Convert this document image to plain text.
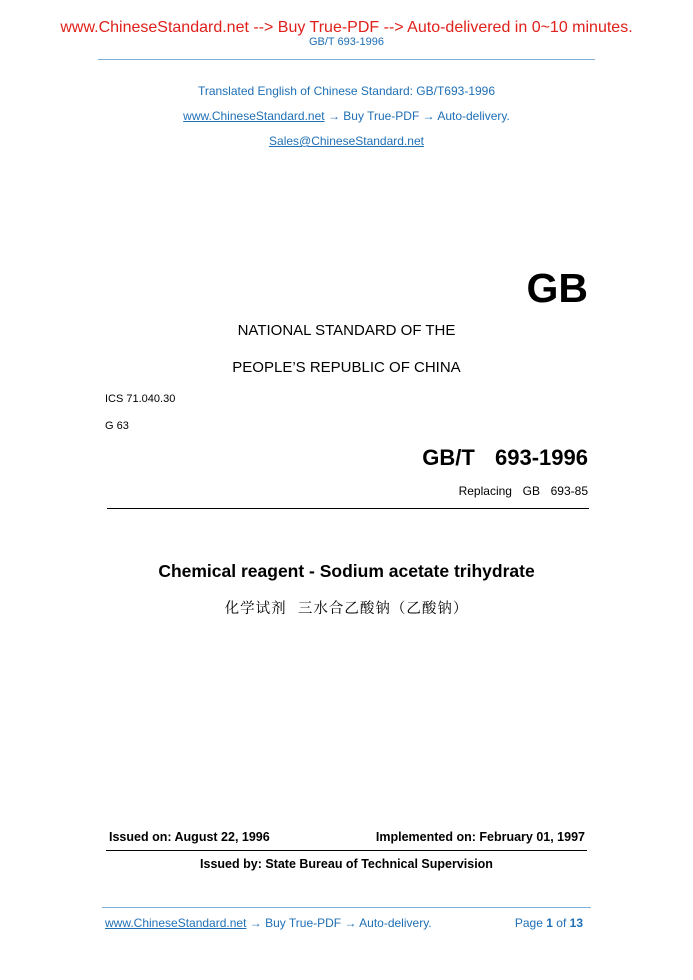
www.ChineseStandard.net --> Buy True-PDF --> Auto-delivered in 0~10 minutes.
GB/T 693-1996
Translated English of Chinese Standard: GB/T693-1996
www.ChineseStandard.net → Buy True-PDF → Auto-delivery.
Sales@ChineseStandard.net
GB
NATIONAL STANDARD OF THE
PEOPLE’S REPUBLIC OF CHINA
ICS 71.040.30
G 63
GB/T  693-1996
Replacing  GB  693-85
Chemical reagent - Sodium acetate trihydrate
化学试剂  三水合乙酸钠（乙酸钠）
Issued on: August 22, 1996	Implemented on: February 01, 1997
Issued by: State Bureau of Technical Supervision
www.ChineseStandard.net → Buy True-PDF → Auto-delivery.	Page 1 of 13
